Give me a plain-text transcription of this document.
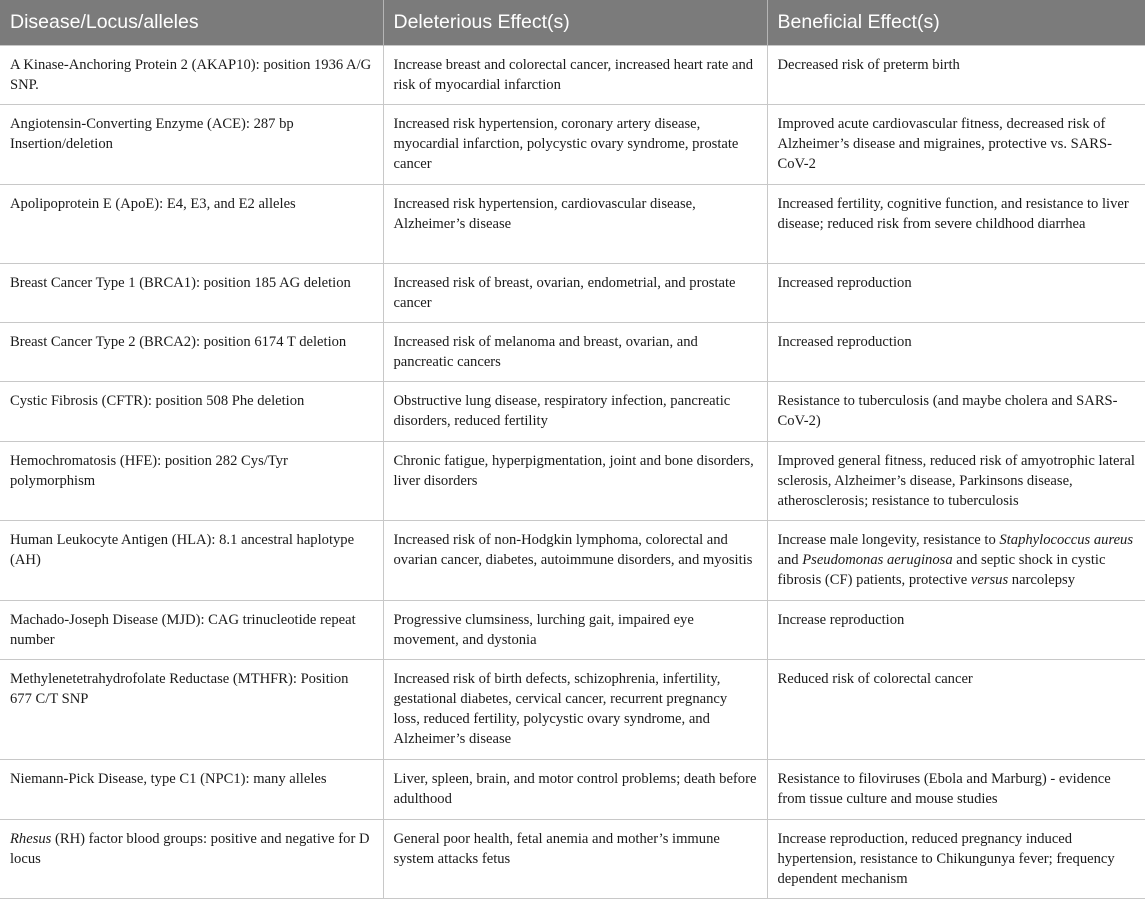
Disease/Locus/alleles	Deleterious Effect(s)	Beneficial Effect(s)
A Kinase-Anchoring Protein 2 (AKAP10): position 1936 A/G SNP.	Increase breast and colorectal cancer, increased heart rate and risk of myocardial infarction	Decreased risk of preterm birth
Angiotensin-Converting Enzyme (ACE): 287 bp Insertion/deletion	Increased risk hypertension, coronary artery disease, myocardial infarction, polycystic ovary syndrome, prostate cancer	Improved acute cardiovascular fitness, decreased risk of Alzheimer’s disease and migraines, protective vs. SARS-CoV-2
Apolipoprotein E (ApoE): E4, E3, and E2 alleles	Increased risk hypertension, cardiovascular disease, Alzheimer’s disease	Increased fertility, cognitive function, and resistance to liver disease; reduced risk from severe childhood diarrhea
Breast Cancer Type 1 (BRCA1): position 185 AG deletion	Increased risk of breast, ovarian, endometrial, and prostate cancer	Increased reproduction
Breast Cancer Type 2 (BRCA2): position 6174 T deletion	Increased risk of melanoma and breast, ovarian, and pancreatic cancers	Increased reproduction
Cystic Fibrosis (CFTR): position 508 Phe deletion	Obstructive lung disease, respiratory infection, pancreatic disorders, reduced fertility	Resistance to tuberculosis (and maybe cholera and SARS-CoV-2)
Hemochromatosis (HFE): position 282 Cys/Tyr polymorphism	Chronic fatigue, hyperpigmentation, joint and bone disorders, liver disorders	Improved general fitness, reduced risk of amyotrophic lateral sclerosis, Alzheimer’s disease, Parkinsons disease, atherosclerosis; resistance to tuberculosis
Human Leukocyte Antigen (HLA): 8.1 ancestral haplotype (AH)	Increased risk of non-Hodgkin lymphoma, colorectal and ovarian cancer, diabetes, autoimmune disorders, and myositis	Increase male longevity, resistance to Staphylococcus aureus and Pseudomonas aeruginosa and septic shock in cystic fibrosis (CF) patients, protective versus narcolepsy
Machado-Joseph Disease (MJD): CAG trinucleotide repeat number	Progressive clumsiness, lurching gait, impaired eye movement, and dystonia	Increase reproduction
Methylenetetrahydrofolate Reductase (MTHFR): Position 677 C/T SNP	Increased risk of birth defects, schizophrenia, infertility, gestational diabetes, cervical cancer, recurrent pregnancy loss, reduced fertility, polycystic ovary syndrome, and Alzheimer’s disease	Reduced risk of colorectal cancer
Niemann-Pick Disease, type C1 (NPC1): many alleles	Liver, spleen, brain, and motor control problems; death before adulthood	Resistance to filoviruses (Ebola and Marburg) - evidence from tissue culture and mouse studies
Rhesus (RH) factor blood groups: positive and negative for D locus	General poor health, fetal anemia and mother’s immune system attacks fetus	Increase reproduction, reduced pregnancy induced hypertension, resistance to Chikungunya fever; frequency dependent mechanism
